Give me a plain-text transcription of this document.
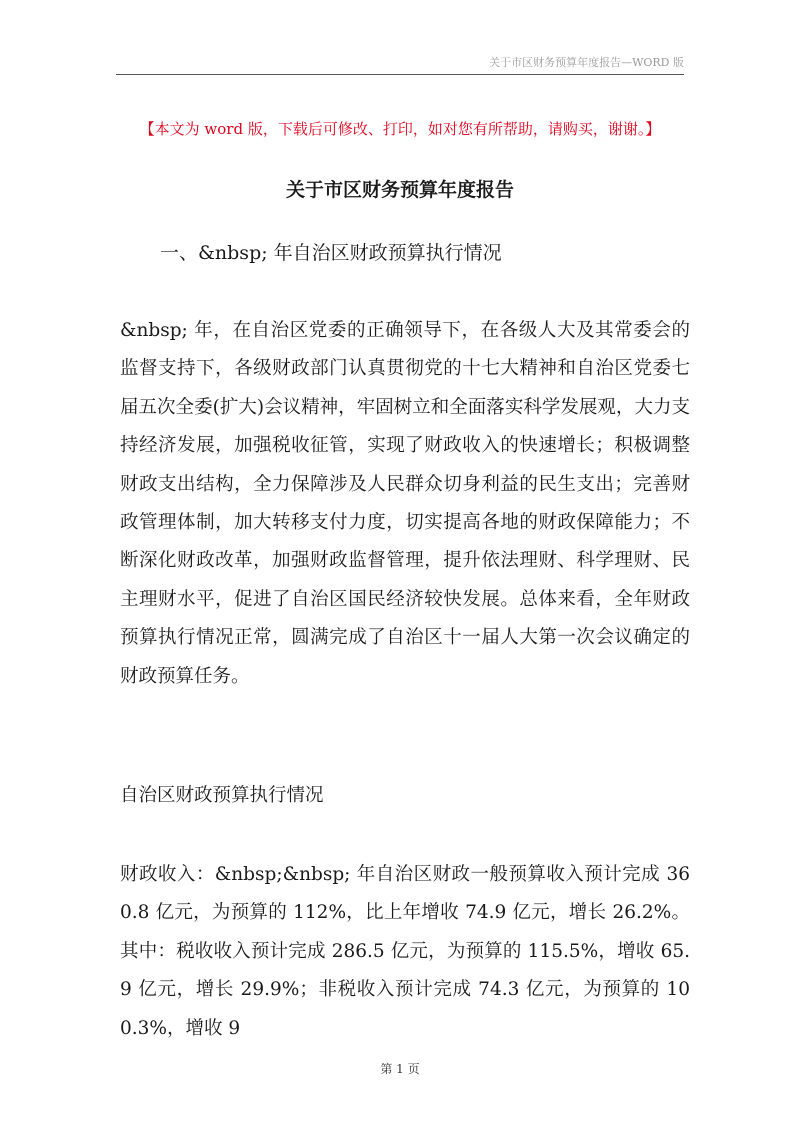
关于市区财务预算年度报告—WORD 版
【本文为 word 版，下载后可修改、打印，如对您有所帮助，请购买，谢谢。】
关于市区财务预算年度报告
一、&nbsp; 年自治区财政预算执行情况

&nbsp; 年，在自治区党委的正确领导下，在各级人大及其常委会的监督支持下，各级财政部门认真贯彻党的十七大精神和自治区党委七届五次全委(扩大)会议精神，牢固树立和全面落实科学发展观，大力支持经济发展，加强税收征管，实现了财政收入的快速增长；积极调整财政支出结构，全力保障涉及人民群众切身利益的民生支出；完善财政管理体制，加大转移支付力度，切实提高各地的财政保障能力；不断深化财政改革，加强财政监督管理，提升依法理财、科学理财、民主理财水平，促进了自治区国民经济较快发展。总体来看，全年财政预算执行情况正常，圆满完成了自治区十一届人大第一次会议确定的财政预算任务。

自治区财政预算执行情况

财政收入：&nbsp;&nbsp; 年自治区财政一般预算收入预计完成 360.8 亿元，为预算的 112%，比上年增收 74.9 亿元，增长 26.2%。其中：税收收入预计完成 286.5 亿元，为预算的 115.5%，增收 65.9 亿元，增长 29.9%；非税收入预计完成 74.3 亿元，为预算的 100.3%，增收 9

第 1 页
